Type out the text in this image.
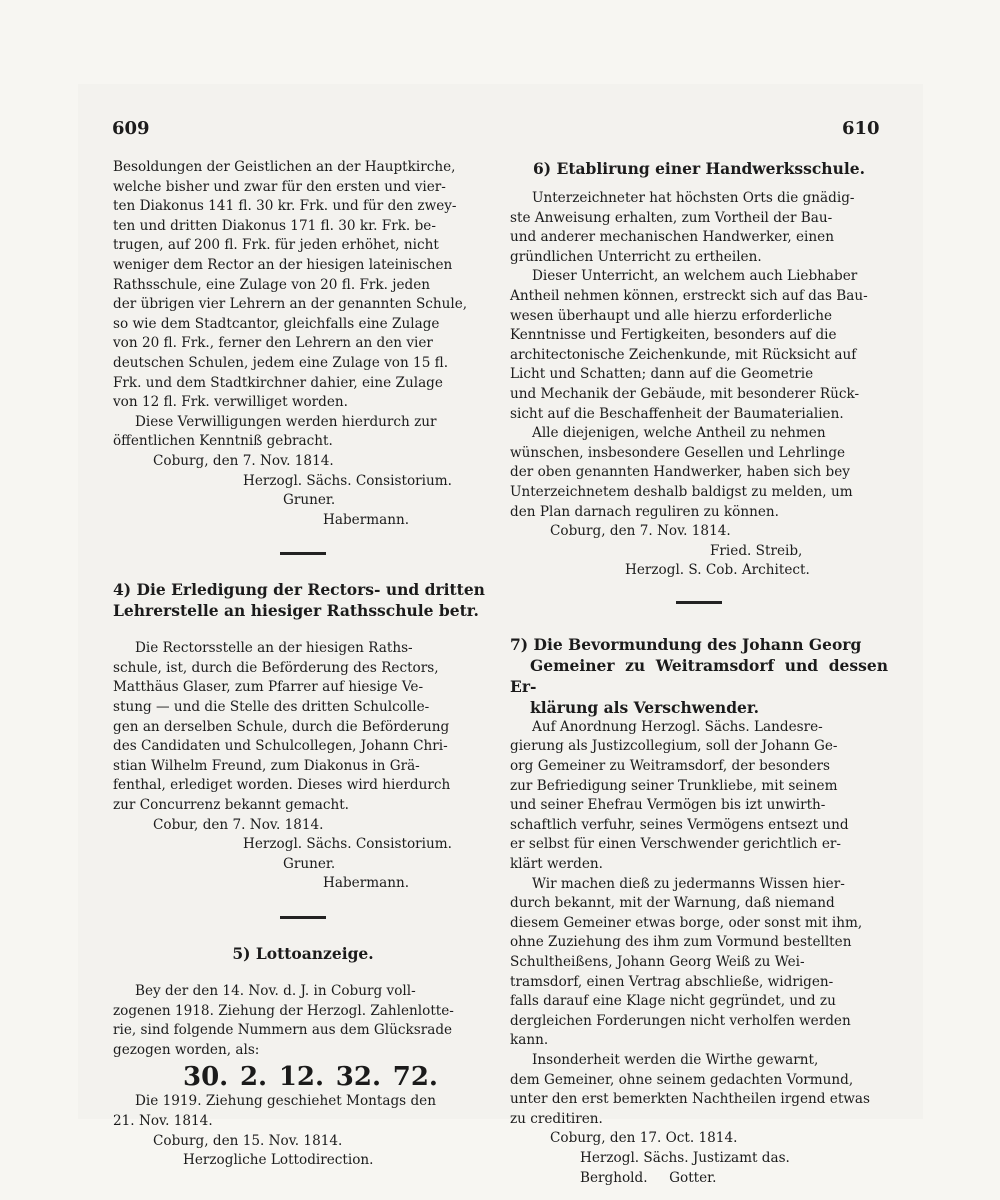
609	610

Besoldungen der Geistlichen an der Hauptkirche,
welche bisher und zwar für den ersten und vier-
ten Diakonus 141 fl. 30 kr. Frk. und für den zwey-
ten und dritten Diakonus 171 fl. 30 kr. Frk. be-
trugen, auf 200 fl. Frk. für jeden erhöhet, nicht
weniger dem Rector an der hiesigen lateinischen
Rathsschule, eine Zulage von 20 fl. Frk. jeden
der übrigen vier Lehrern an der genannten Schule,
so wie dem Stadtcantor, gleichfalls eine Zulage
von 20 fl. Frk., ferner den Lehrern an den vier
deutschen Schulen, jedem eine Zulage von 15 fl.
Frk. und dem Stadtkirchner dahier, eine Zulage
von 12 fl. Frk. verwilliget worden.

Diese Verwilligungen werden hierdurch zur
öffentlichen Kenntniß gebracht.

Coburg, den 7. Nov. 1814.

Herzogl. Sächs. Consistorium.

Gruner.

Habermann.

4) Die Erledigung der Rectors- und dritten
Lehrerstelle an hiesiger Rathsschule betr.

Die Rectorsstelle an der hiesigen Raths-
schule, ist, durch die Beförderung des Rectors,
Matthäus Glaser, zum Pfarrer auf hiesige Ve-
stung — und die Stelle des dritten Schulcolle-
gen an derselben Schule, durch die Beförderung
des Candidaten und Schulcollegen, Johann Chri-
stian Wilhelm Freund, zum Diakonus in Grä-
fenthal, erlediget worden. Dieses wird hierdurch
zur Concurrenz bekannt gemacht.

Cobur, den 7. Nov. 1814.

Herzogl. Sächs. Consistorium.

Gruner.

Habermann.

5) Lottoanzeige.

Bey der den 14. Nov. d. J. in Coburg voll-
zogenen 1918. Ziehung der Herzogl. Zahlenlotte-
rie, sind folgende Nummern aus dem Glücksrade
gezogen worden, als:

30. 2. 12. 32. 72.

Die 1919. Ziehung geschiehet Montags den
21. Nov. 1814.

Coburg, den 15. Nov. 1814.

Herzogliche Lottodirection.

6) Etablirung einer Handwerksschule.

Unterzeichneter hat höchsten Orts die gnädig-
ste Anweisung erhalten, zum Vortheil der Bau-
und anderer mechanischen Handwerker, einen
gründlichen Unterricht zu ertheilen.

Dieser Unterricht, an welchem auch Liebhaber
Antheil nehmen können, erstreckt sich auf das Bau-
wesen überhaupt und alle hierzu erforderliche
Kenntnisse und Fertigkeiten, besonders auf die
architectonische Zeichenkunde, mit Rücksicht auf
Licht und Schatten; dann auf die Geometrie
und Mechanik der Gebäude, mit besonderer Rück-
sicht auf die Beschaffenheit der Baumaterialien.

Alle diejenigen, welche Antheil zu nehmen
wünschen, insbesondere Gesellen und Lehrlinge
der oben genannten Handwerker, haben sich bey
Unterzeichnetem deshalb baldigst zu melden, um
den Plan darnach reguliren zu können.

Coburg, den 7. Nov. 1814.

Fried. Streib,

Herzogl. S. Cob. Architect.

7) Die Bevormundung des Johann Georg
Gemeiner zu Weitramsdorf und dessen Er-
klärung als Verschwender.

Auf Anordnung Herzogl. Sächs. Landesre-
gierung als Justizcollegium, soll der Johann Ge-
org Gemeiner zu Weitramsdorf, der besonders
zur Befriedigung seiner Trunkliebe, mit seinem
und seiner Ehefrau Vermögen bis izt unwirth-
schaftlich verfuhr, seines Vermögens entsezt und
er selbst für einen Verschwender gerichtlich er-
klärt werden.

Wir machen dieß zu jedermanns Wissen hier-
durch bekannt, mit der Warnung, daß niemand
diesem Gemeiner etwas borge, oder sonst mit ihm,
ohne Zuziehung des ihm zum Vormund bestellten
Schultheißens, Johann Georg Weiß zu Wei-
tramsdorf, einen Vertrag abschließe, widrigen-
falls darauf eine Klage nicht gegründet, und zu
dergleichen Forderungen nicht verholfen werden
kann.

Insonderheit werden die Wirthe gewarnt,
dem Gemeiner, ohne seinem gedachten Vormund,
unter den erst bemerkten Nachtheilen irgend etwas
zu creditiren.

Coburg, den 17. Oct. 1814.

Herzogl. Sächs. Justizamt das.

Berghold.     Gotter.
